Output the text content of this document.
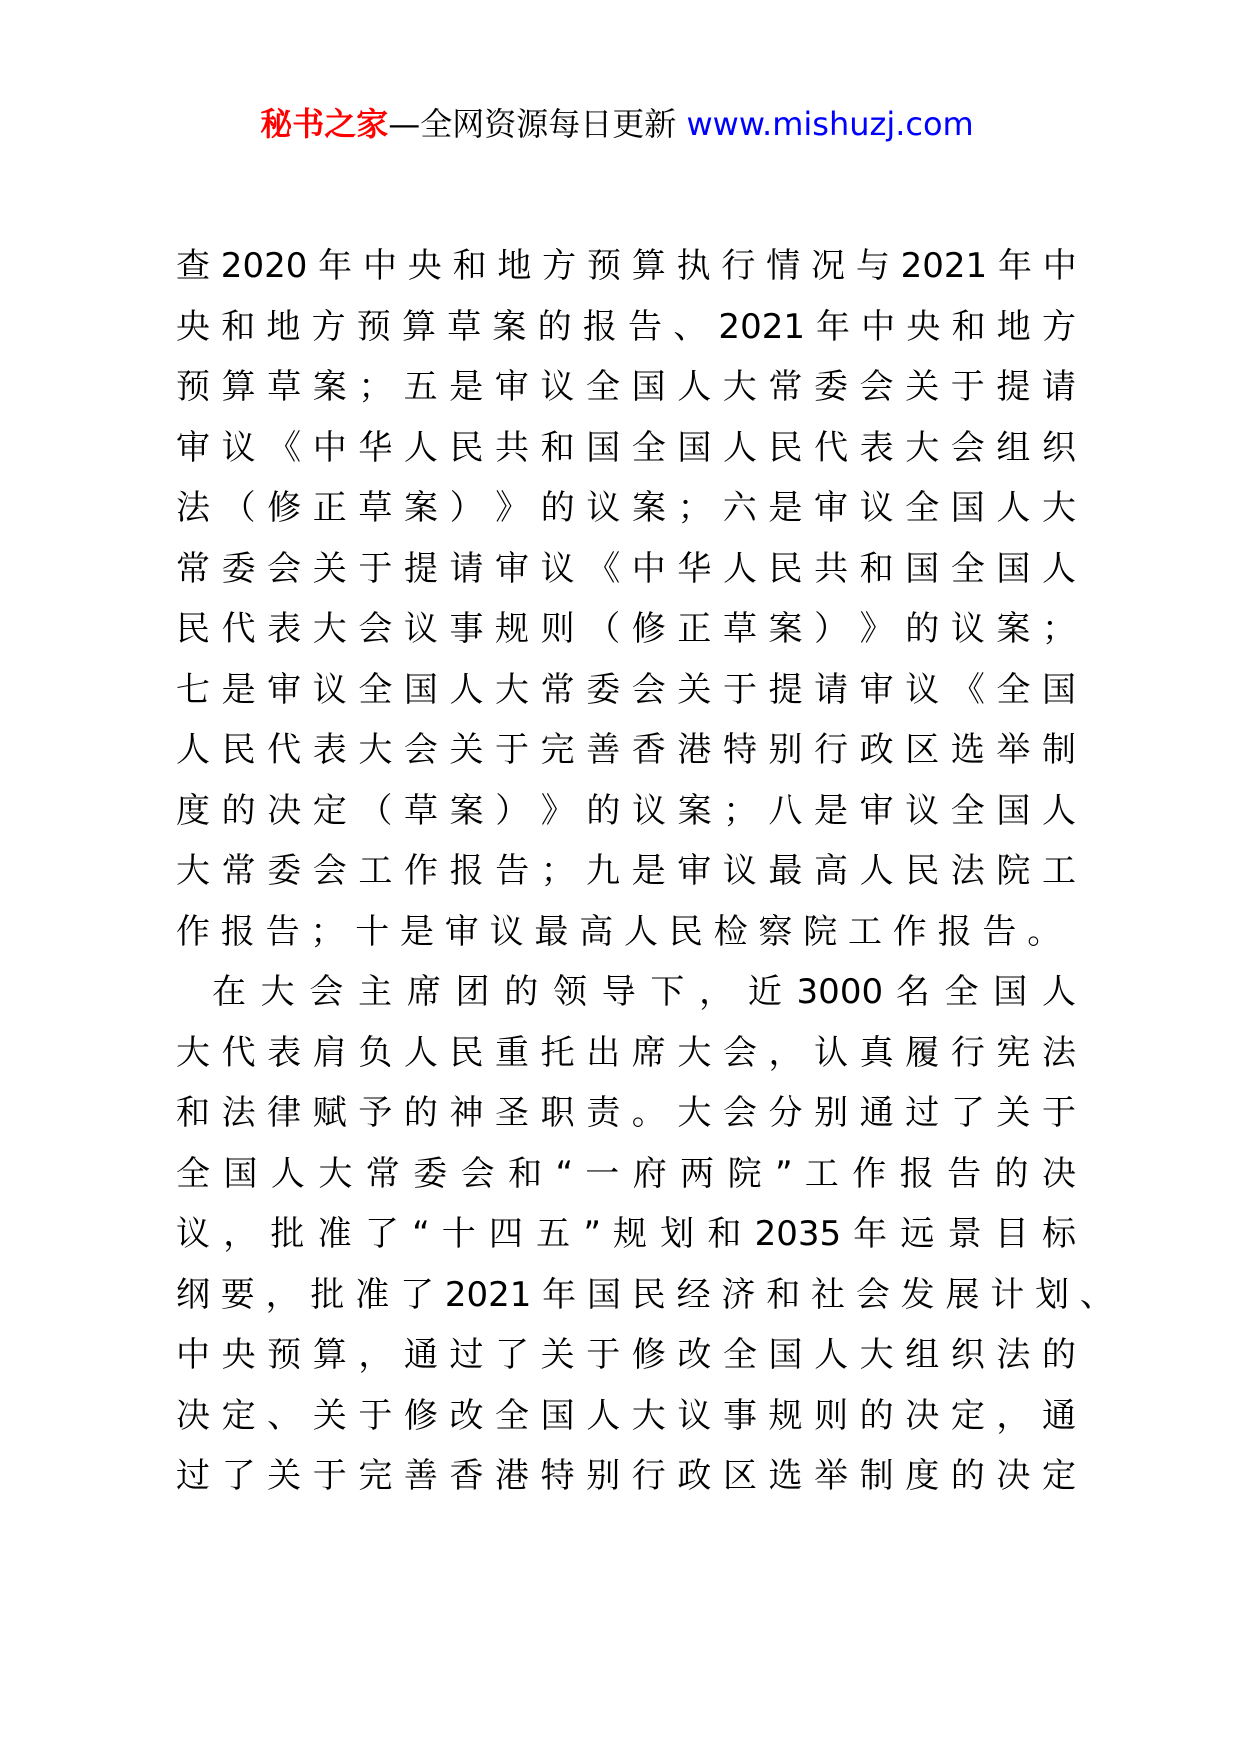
秘书之家—全网资源每日更新 www.mishuzj.com
查 2020 年 中 央 和 地 方 预 算 执 行 情 况 与 2021 年 中
央 和 地 方 预 算 草 案 的 报 告 、 2021 年 中 央 和 地 方
预 算 草 案 ； 五 是 审 议 全 国 人 大 常 委 会 关 于 提 请
审 议 《 中 华 人 民 共 和 国 全 国 人 民 代 表 大 会 组 织
法 （ 修 正 草 案 ） 》 的 议 案 ； 六 是 审 议 全 国 人 大
常 委 会 关 于 提 请 审 议 《 中 华 人 民 共 和 国 全 国 人
民 代 表 大 会 议 事 规 则 （ 修 正 草 案 ） 》 的 议 案 ；
七 是 审 议 全 国 人 大 常 委 会 关 于 提 请 审 议 《 全 国
人 民 代 表 大 会 关 于 完 善 香 港 特 别 行 政 区 选 举 制
度 的 决 定 （ 草 案 ） 》 的 议 案 ； 八 是 审 议 全 国 人
大 常 委 会 工 作 报 告 ； 九 是 审 议 最 高 人 民 法 院 工
作报告；十是审议最高人民检察院工作报告。
　在 大 会 主 席 团 的 领 导 下 ， 近 3000 名 全 国 人
大 代 表 肩 负 人 民 重 托 出 席 大 会 ， 认 真 履 行 宪 法
和 法 律 赋 予 的 神 圣 职 责 。 大 会 分 别 通 过 了 关 于
全 国 人 大 常 委 会 和 “ 一 府 两 院 ” 工 作 报 告 的 决
议 ， 批 准 了 “ 十 四 五 ” 规 划 和 2035 年 远 景 目 标
纲 要 ， 批 准 了 2021 年 国 民 经 济 和 社 会 发 展 计 划 、
中 央 预 算 ， 通 过 了 关 于 修 改 全 国 人 大 组 织 法 的
决 定 、 关 于 修 改 全 国 人 大 议 事 规 则 的 决 定 ， 通
过 了 关 于 完 善 香 港 特 别 行 政 区 选 举 制 度 的 决 定
